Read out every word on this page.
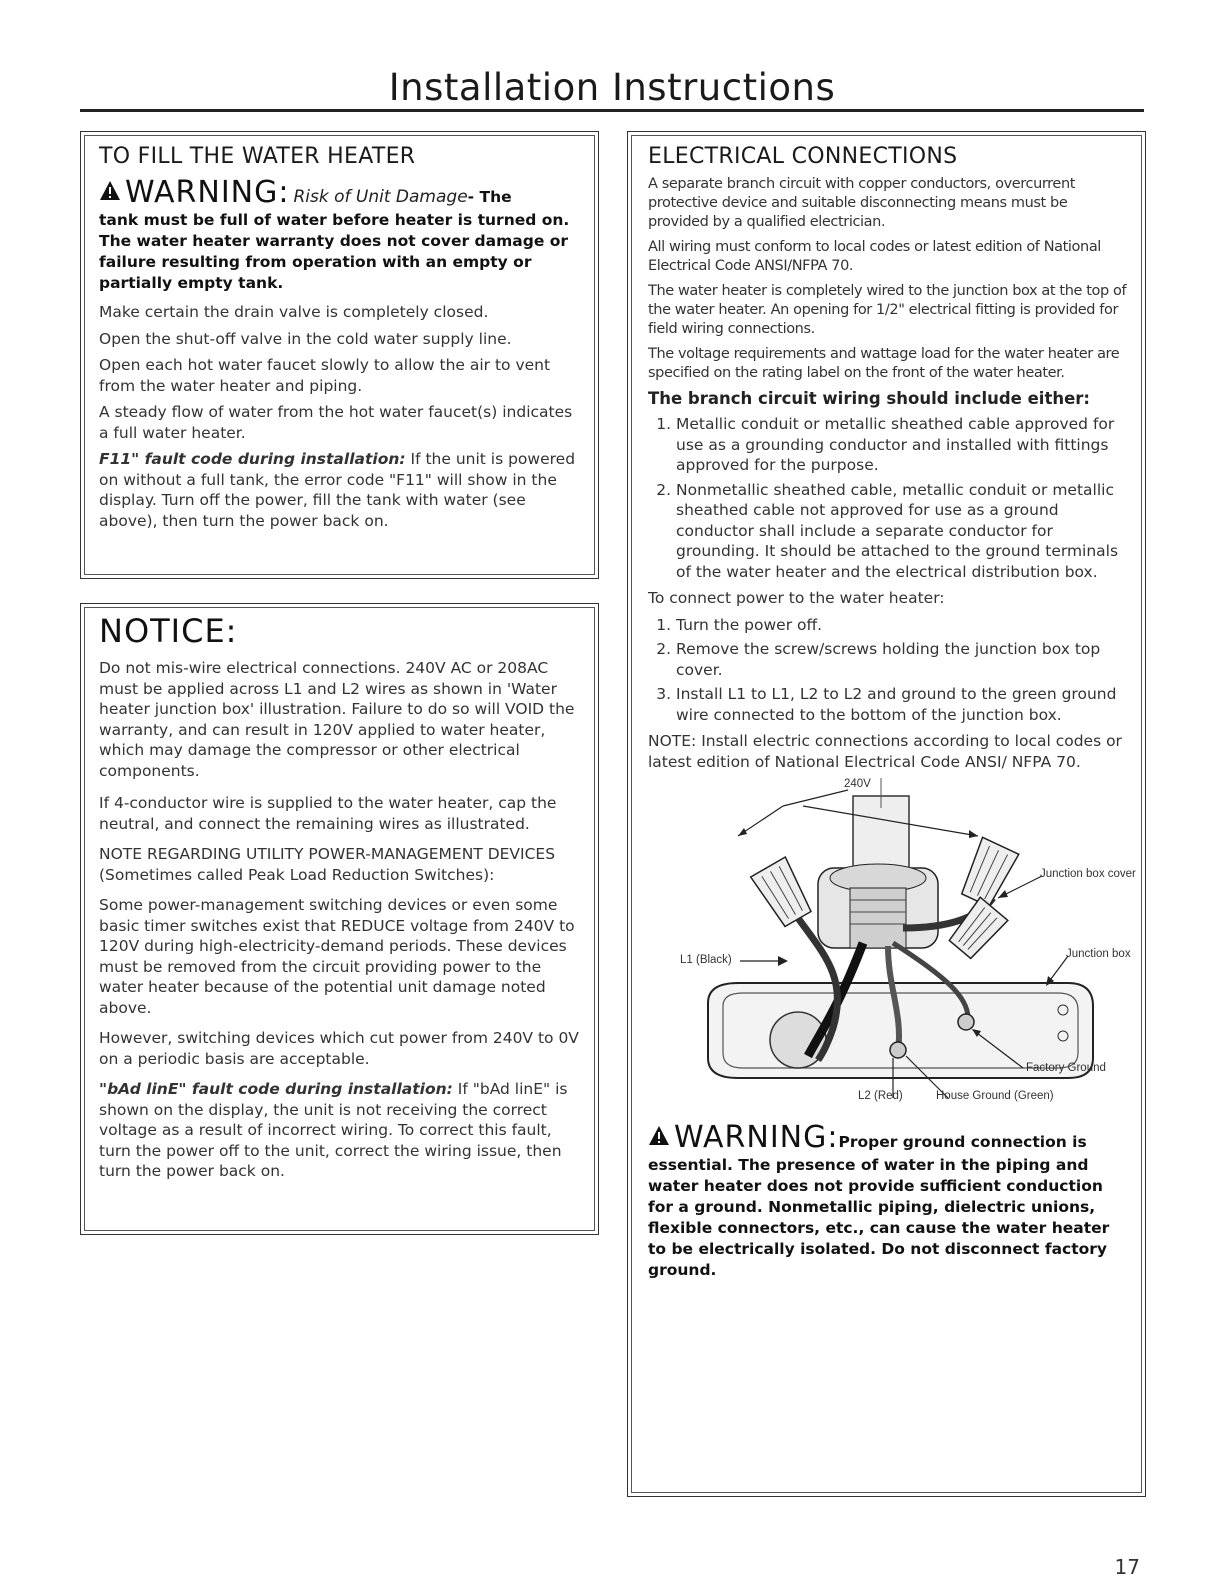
Installation Instructions
TO FILL THE WATER HEATER
WARNING: Risk of Unit Damage - The
tank must be full of water before heater is turned on. The water heater warranty does not cover damage or failure resulting from operation with an empty or partially empty tank.

Make certain the drain valve is completely closed.

Open the shut-off valve in the cold water supply line.

Open each hot water faucet slowly to allow the air to vent from the water heater and piping.

A steady flow of water from the hot water faucet(s) indicates a full water heater.

F11" fault code during installation: If the unit is powered on without a full tank, the error code "F11" will show in the display. Turn off the power, fill the tank with water (see above), then turn the power back on.

NOTICE:

Do not mis-wire electrical connections. 240V AC or 208AC must be applied across L1 and L2 wires as shown in 'Water heater junction box' illustration. Failure to do so will VOID the warranty, and can result in 120V applied to water heater, which may damage the compressor or other electrical components.

If 4-conductor wire is supplied to the water heater, cap the neutral, and connect the remaining wires as illustrated.

NOTE REGARDING UTILITY POWER-MANAGEMENT DEVICES (Sometimes called Peak Load Reduction Switches):

Some power-management switching devices or even some basic timer switches exist that REDUCE voltage from 240V to 120V during high-electricity-demand periods. These devices must be removed from the circuit providing power to the water heater because of the potential unit damage noted above.

However, switching devices which cut power from 240V to 0V on a periodic basis are acceptable.

"bAd linE" fault code during installation: If "bAd linE" is shown on the display, the unit is not receiving the correct voltage as a result of incorrect wiring. To correct this fault, turn the power off to the unit, correct the wiring issue, then turn the power back on.

ELECTRICAL CONNECTIONS

A separate branch circuit with copper conductors, overcurrent protective device and suitable disconnecting means must be provided by a qualified electrician.

All wiring must conform to local codes or latest edition of National Electrical Code ANSI/NFPA 70.

The water heater is completely wired to the junction box at the top of the water heater. An opening for 1/2" electrical fitting is provided for field wiring connections.

The voltage requirements and wattage load for the water heater are specified on the rating label on the front of the water heater.

The branch circuit wiring should include either:
1. Metallic conduit or metallic sheathed cable approved for use as a grounding conductor and installed with fittings approved for the purpose.
2. Nonmetallic sheathed cable, metallic conduit or metallic sheathed cable not approved for use as a ground conductor shall include a separate conductor for grounding. It should be attached to the ground terminals of the water heater and the electrical distribution box.

To connect power to the water heater:

1. Turn the power off.
2. Remove the screw/screws holding the junction box top cover.
3. Install L1 to L1, L2 to L2 and ground to the green ground wire connected to the bottom of the junction box.

NOTE: Install electric connections according to local codes or latest edition of National Electrical Code ANSI/ NFPA 70.

240V
Junction box cover
L1 (Black)	Junction box
Factory Ground
L2 (Red)	House Ground (Green)
WARNING: Proper ground connection is
essential. The presence of water in the piping and water heater does not provide sufficient conduction for a ground. Nonmetallic piping, dielectric unions, flexible connectors, etc., can cause the water heater to be electrically isolated. Do not disconnect factory ground.
17
